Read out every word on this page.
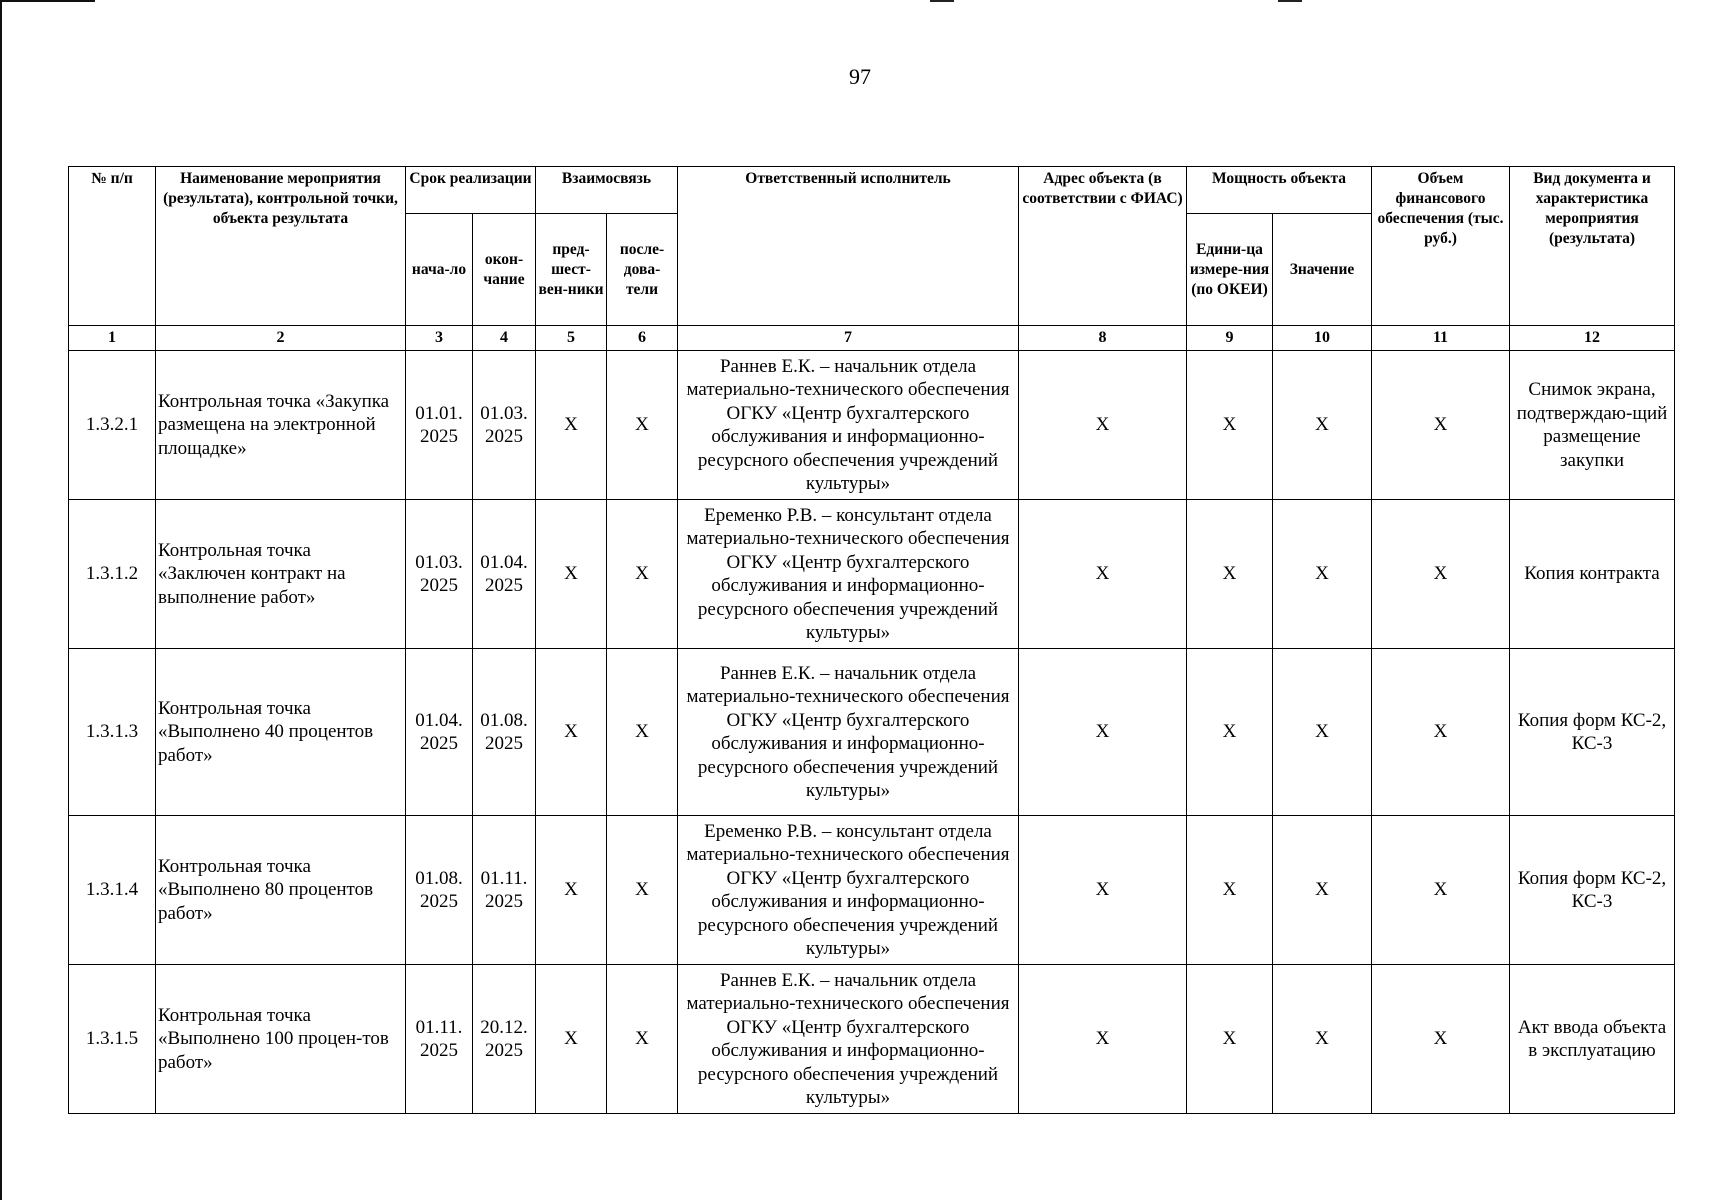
97
№ п/п	Наименование мероприятия (результата), контрольной точки, объекта результата	Срок реализации		Взаимосвязь		Ответственный исполнитель	Адрес объекта (в соответствии с ФИАС)	Мощность объекта		Объем финансового обеспечения (тыс. руб.)	Вид документа и характеристика мероприятия (результата)
		нача-ло	окон-чание	пред-шест-вен-ники	после-дова-тели			Едини-ца измере-ния (по ОКЕИ)	Значение		
1	2	3	4	5	6	7	8	9	10	11	12
1.3.2.1	Контрольная точка «Закупка размещена на электронной площадке»	01.01. 2025	01.03. 2025	Х	Х	Раннев Е.К. – начальник отдела материально-технического обеспечения ОГКУ «Центр бухгалтерского обслуживания и информационно-ресурсного обеспечения учреждений культуры»	Х	Х	Х	Х	Снимок экрана, подтверждаю-щий размещение закупки
1.3.1.2	Контрольная точка «Заключен контракт на выполнение работ»	01.03. 2025	01.04. 2025	Х	Х	Еременко Р.В. – консультант отдела материально-технического обеспечения ОГКУ «Центр бухгалтерского обслуживания и информационно-ресурсного обеспечения учреждений культуры»	Х	Х	Х	Х	Копия контракта
1.3.1.3	Контрольная точка «Выполнено 40 процентов работ»	01.04. 2025	01.08. 2025	Х	Х	Раннев Е.К. – начальник отдела материально-технического обеспечения ОГКУ «Центр бухгалтерского обслуживания и информационно-ресурсного обеспечения учреждений культуры»	Х	Х	Х	Х	Копия форм КС-2, КС-3
1.3.1.4	Контрольная точка «Выполнено 80 процентов работ»	01.08. 2025	01.11. 2025	Х	Х	Еременко Р.В. – консультант отдела материально-технического обеспечения ОГКУ «Центр бухгалтерского обслуживания и информационно-ресурсного обеспечения учреждений культуры»	Х	Х	Х	Х	Копия форм КС-2, КС-3
1.3.1.5	Контрольная точка «Выполнено 100 процен-тов работ»	01.11. 2025	20.12. 2025	Х	Х	Раннев Е.К. – начальник отдела материально-технического обеспечения ОГКУ «Центр бухгалтерского обслуживания и информационно-ресурсного обеспечения учреждений культуры»	Х	Х	Х	Х	Акт ввода объекта в эксплуатацию
